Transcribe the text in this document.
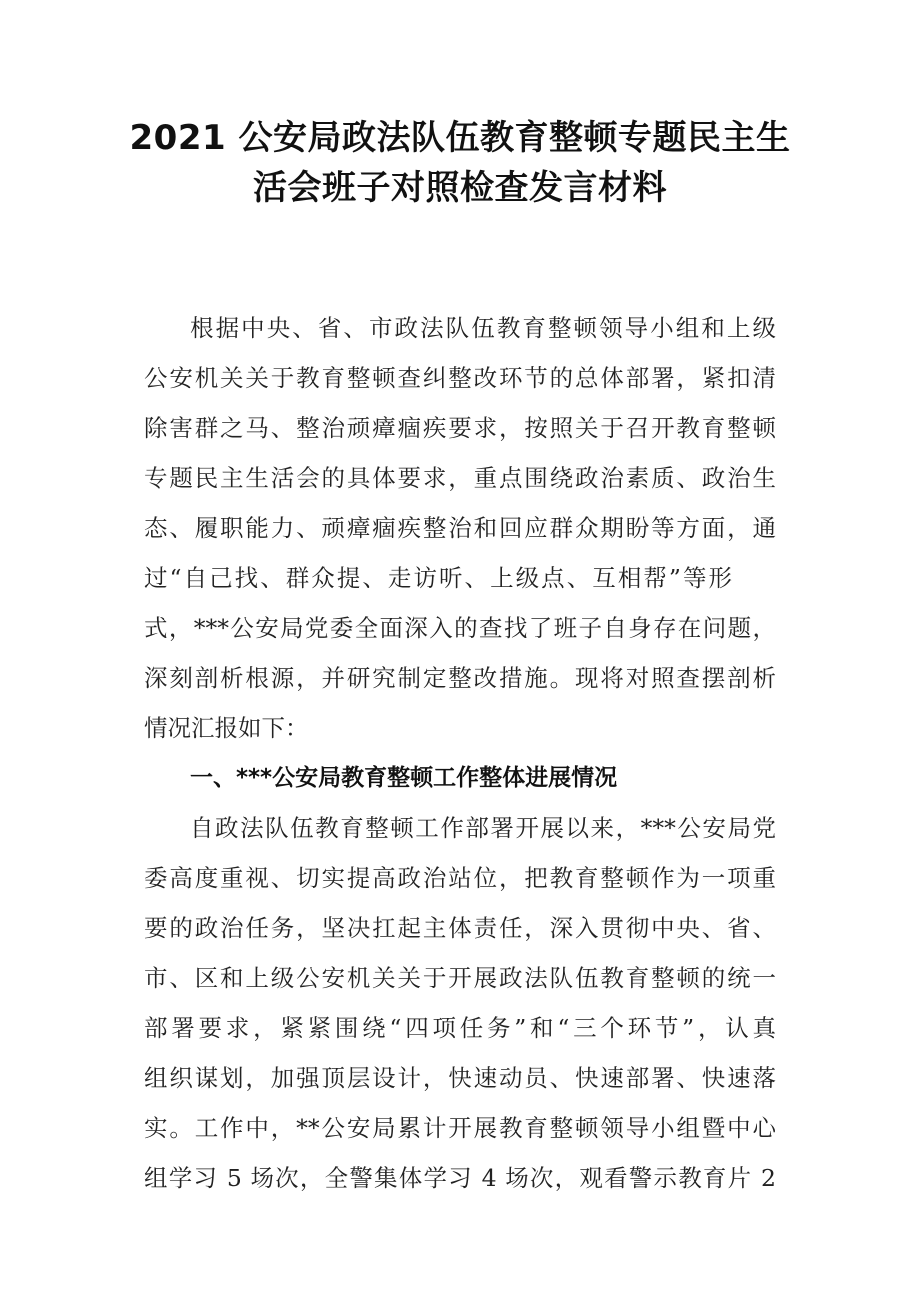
2021 公安局政法队伍教育整顿专题民主生
活会班子对照检查发言材料
根据中央、省、市政法队伍教育整顿领导小组和上级
公安机关关于教育整顿查纠整改环节的总体部署，紧扣清
除害群之马、整治顽瘴痼疾要求，按照关于召开教育整顿
专题民主生活会的具体要求，重点围绕政治素质、政治生
态、履职能力、顽瘴痼疾整治和回应群众期盼等方面，通
过“自己找、群众提、走访听、上级点、互相帮”等形
式，***公安局党委全面深入的查找了班子自身存在问题，
深刻剖析根源，并研究制定整改措施。现将对照查摆剖析
情况汇报如下：
一、***公安局教育整顿工作整体进展情况
自政法队伍教育整顿工作部署开展以来，***公安局党
委高度重视、切实提高政治站位，把教育整顿作为一项重
要的政治任务，坚决扛起主体责任，深入贯彻中央、省、
市、区和上级公安机关关于开展政法队伍教育整顿的统一
部署要求，紧紧围绕“四项任务”和“三个环节”，认真
组织谋划，加强顶层设计，快速动员、快速部署、快速落
实。工作中，**公安局累计开展教育整顿领导小组暨中心
组学习 5 场次，全警集体学习 4 场次，观看警示教育片 2
